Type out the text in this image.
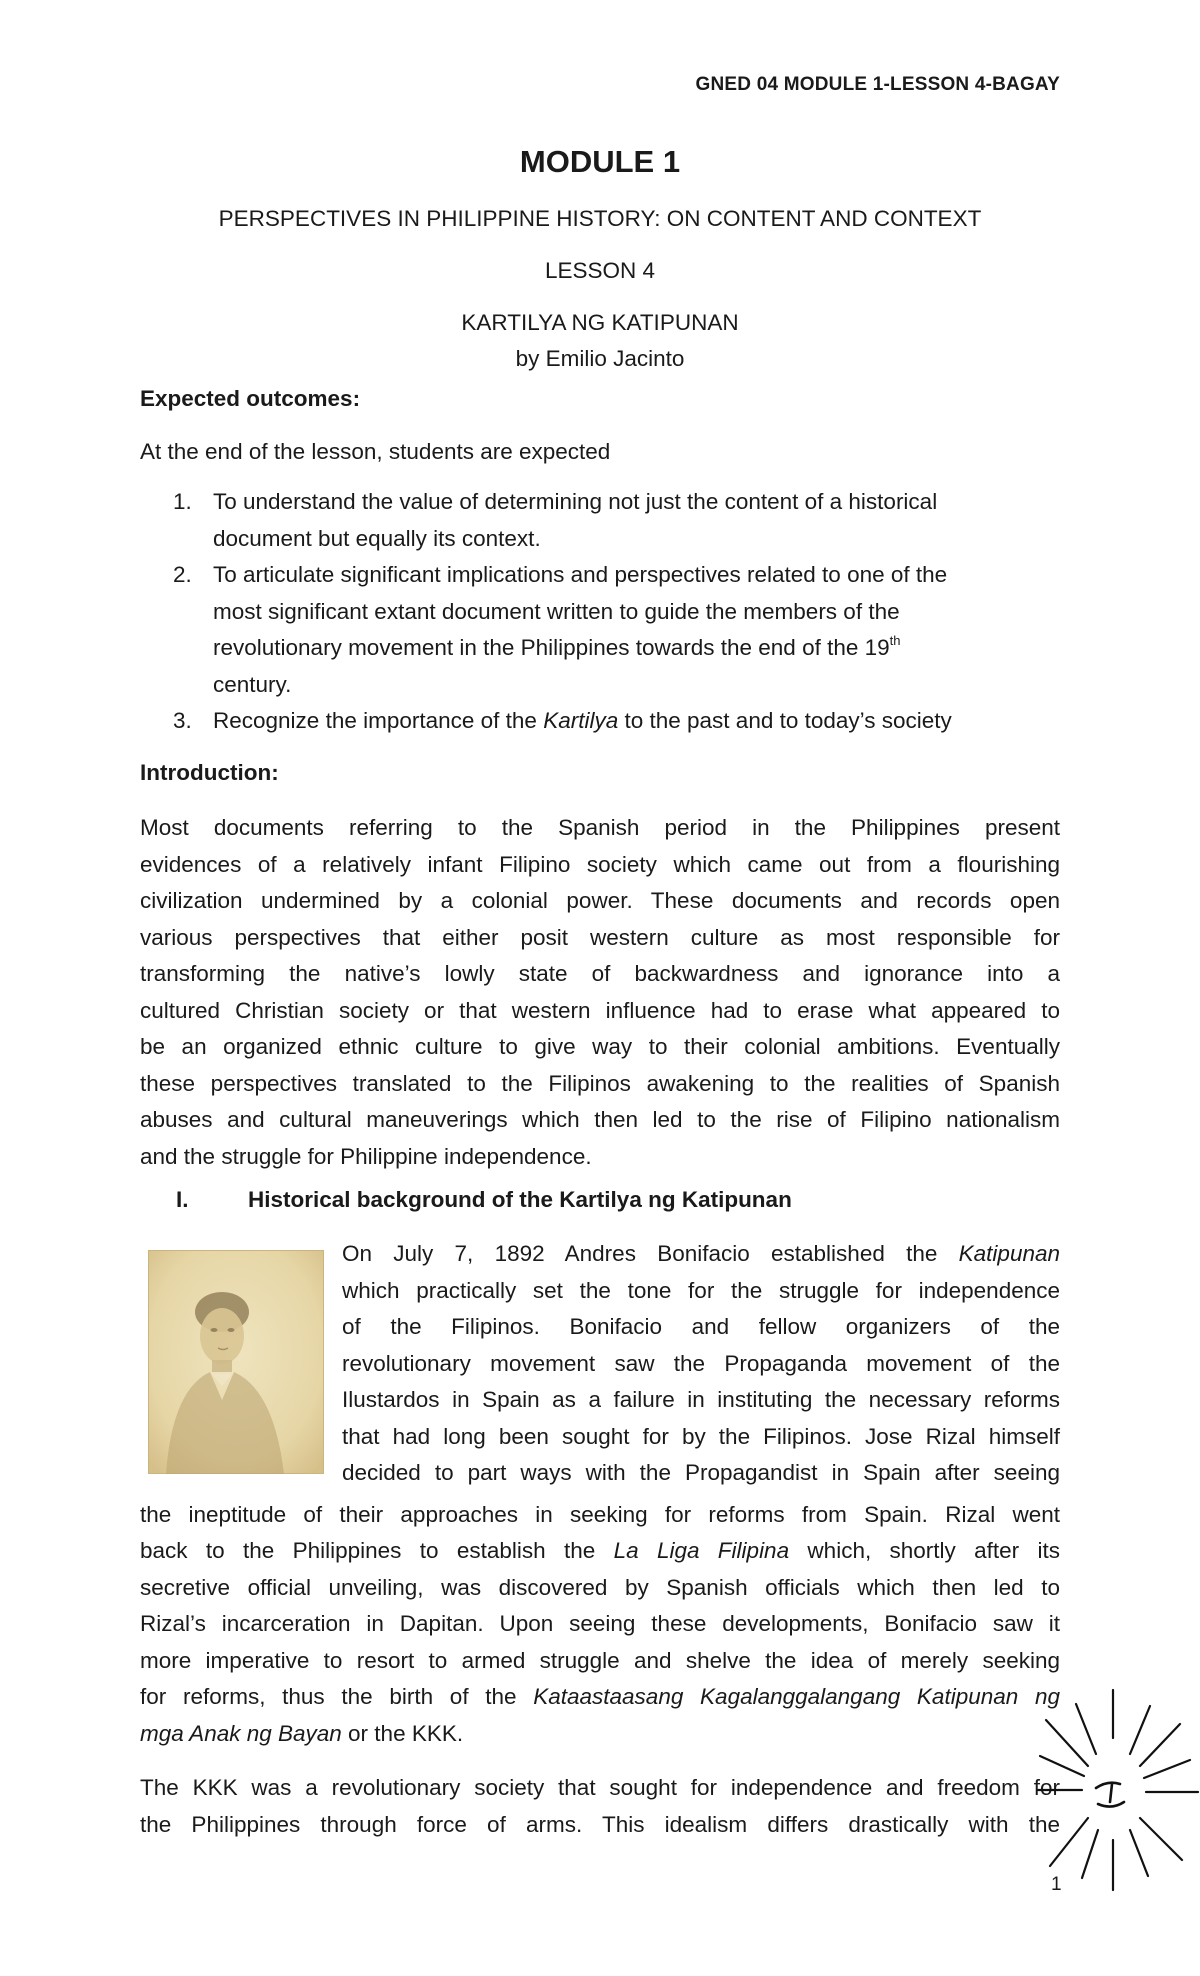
GNED 04 MODULE 1-LESSON 4-BAGAY
MODULE 1
PERSPECTIVES IN PHILIPPINE HISTORY: ON CONTENT AND CONTEXT
LESSON 4
KARTILYA NG KATIPUNAN
by Emilio Jacinto
Expected outcomes:
At the end of the lesson, students are expected
1. To understand the value of determining not just the content of a historical
document but equally its context.
2. To articulate significant implications and perspectives related to one of the
most significant extant document written to guide the members of the
revolutionary movement in the Philippines towards the end of the 19th
century.
3. Recognize the importance of the Kartilya to the past and to today’s society
Introduction:
Most documents referring to the Spanish period in the Philippines present
evidences of a relatively infant Filipino society which came out from a flourishing
civilization undermined by a colonial power. These documents and records open
various perspectives that either posit western culture as most responsible for
transforming the native’s lowly state of backwardness and ignorance into a
cultured Christian society or that western influence had to erase what appeared to
be an organized ethnic culture to give way to their colonial ambitions. Eventually
these perspectives translated to the Filipinos awakening to the realities of Spanish
abuses and cultural maneuverings which then led to the rise of Filipino nationalism
and the struggle for Philippine independence.
I.	Historical background of the Kartilya ng Katipunan
On July 7, 1892 Andres Bonifacio established the Katipunan
which practically set the tone for the struggle for independence
of the Filipinos. Bonifacio and fellow organizers of the
revolutionary movement saw the Propaganda movement of the
Ilustardos in Spain as a failure in instituting the necessary reforms
that had long been sought for by the Filipinos. Jose Rizal himself
decided to part ways with the Propagandist in Spain after seeing
the ineptitude of their approaches in seeking for reforms from Spain. Rizal went
back to the Philippines to establish the La Liga Filipina which, shortly after its
secretive official unveiling, was discovered by Spanish officials which then led to
Rizal’s incarceration in Dapitan. Upon seeing these developments, Bonifacio saw it
more imperative to resort to armed struggle and shelve the idea of merely seeking
for reforms, thus the birth of the Kataastaasang Kagalanggalangang Katipunan ng
mga Anak ng Bayan or the KKK.
The KKK was a revolutionary society that sought for independence and freedom for
the Philippines through force of arms. This idealism differs drastically with the
1
